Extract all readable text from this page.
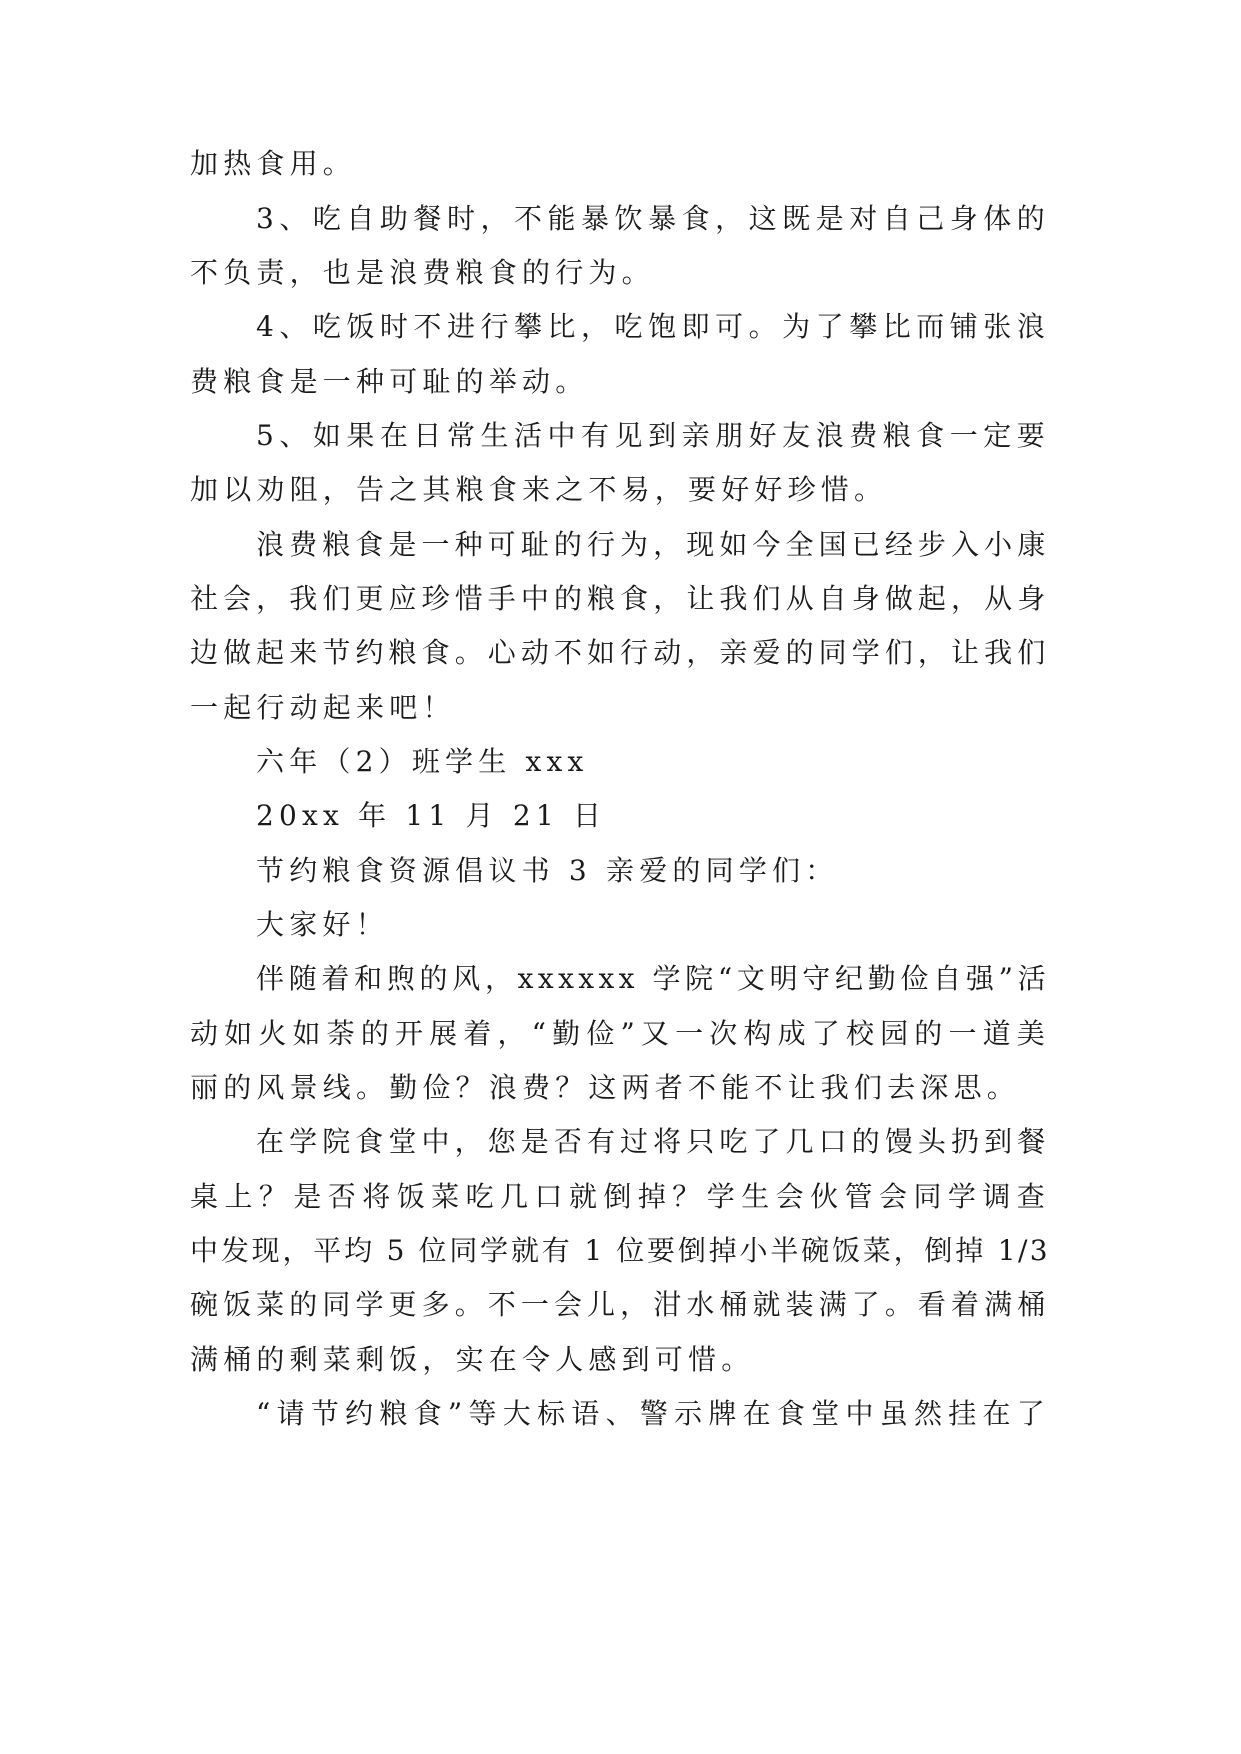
加热食用。
3、吃自助餐时，不能暴饮暴食，这既是对自己身体的
不负责，也是浪费粮食的行为。
4、吃饭时不进行攀比，吃饱即可。为了攀比而铺张浪
费粮食是一种可耻的举动。
5、如果在日常生活中有见到亲朋好友浪费粮食一定要
加以劝阻，告之其粮食来之不易，要好好珍惜。
浪费粮食是一种可耻的行为，现如今全国已经步入小康
社会，我们更应珍惜手中的粮食，让我们从自身做起，从身
边做起来节约粮食。心动不如行动，亲爱的同学们，让我们
一起行动起来吧！
六年（2）班学生 xxx
20xx 年 11 月 21 日
节约粮食资源倡议书 3 亲爱的同学们：
大家好！
伴随着和煦的风，xxxxxx 学院“文明守纪勤俭自强”活
动如火如荼的开展着，“勤俭”又一次构成了校园的一道美
丽的风景线。勤俭？浪费？这两者不能不让我们去深思。
在学院食堂中，您是否有过将只吃了几口的馒头扔到餐
桌上？是否将饭菜吃几口就倒掉？学生会伙管会同学调查
中发现，平均 5 位同学就有 1 位要倒掉小半碗饭菜，倒掉 1/3
碗饭菜的同学更多。不一会儿，泔水桶就装满了。看着满桶
满桶的剩菜剩饭，实在令人感到可惜。
“请节约粮食”等大标语、警示牌在食堂中虽然挂在了
